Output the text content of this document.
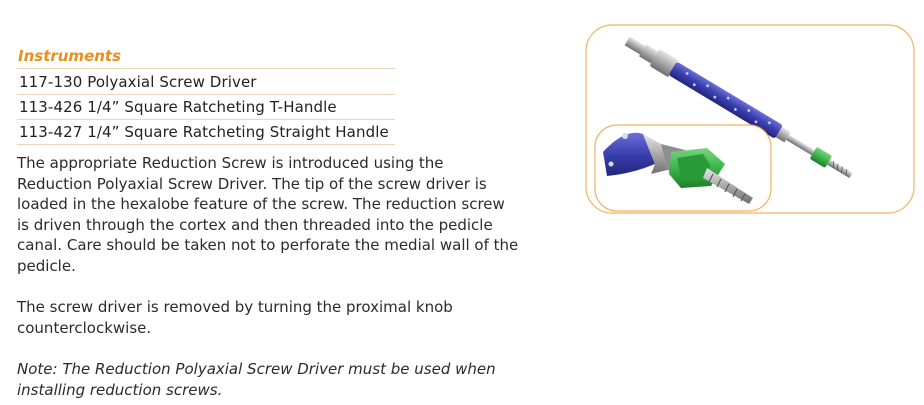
Instruments
117-130 Polyaxial Screw Driver
113-426 1/4” Square Ratcheting T-Handle
113-427 1/4” Square Ratcheting Straight Handle
The appropriate Reduction Screw is introduced using the
Reduction Polyaxial Screw Driver. The tip of the screw driver is
loaded in the hexalobe feature of the screw. The reduction screw
is driven through the cortex and then threaded into the pedicle
canal. Care should be taken not to perforate the medial wall of the
pedicle.
The screw driver is removed by turning the proximal knob
counterclockwise.
Note: The Reduction Polyaxial Screw Driver must be used when
installing reduction screws.
